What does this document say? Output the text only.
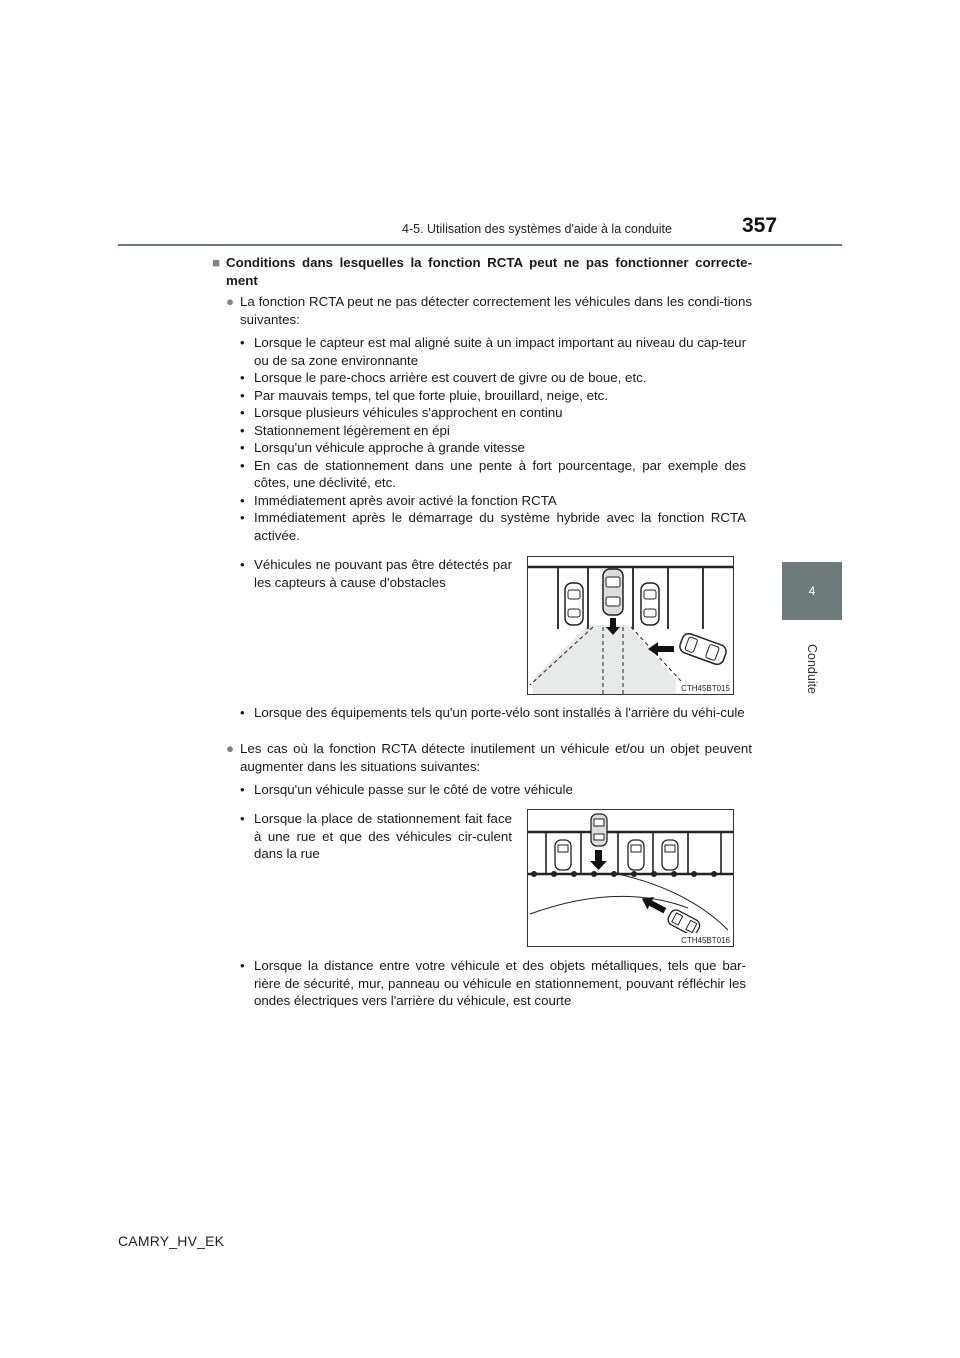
4-5. Utilisation des systèmes d'aide à la conduite	357
4
Conduite
■ Conditions dans lesquelles la fonction RCTA peut ne pas fonctionner correcte-ment
● La fonction RCTA peut ne pas détecter correctement les véhicules dans les condi-tions suivantes:
• Lorsque le capteur est mal aligné suite à un impact important au niveau du cap-teur ou de sa zone environnante
• Lorsque le pare-chocs arrière est couvert de givre ou de boue, etc.
• Par mauvais temps, tel que forte pluie, brouillard, neige, etc.
• Lorsque plusieurs véhicules s'approchent en continu
• Stationnement légèrement en épi
• Lorsqu'un véhicule approche à grande vitesse
• En cas de stationnement dans une pente à fort pourcentage, par exemple des côtes, une déclivité, etc.
• Immédiatement après avoir activé la fonction RCTA
• Immédiatement après le démarrage du système hybride avec la fonction RCTA activée.
• Véhicules ne pouvant pas être détectés par les capteurs à cause d'obstacles
CTH45BT015
• Lorsque des équipements tels qu'un porte-vélo sont installés à l'arrière du véhi-cule
● Les cas où la fonction RCTA détecte inutilement un véhicule et/ou un objet peuvent augmenter dans les situations suivantes:
• Lorsqu'un véhicule passe sur le côté de votre véhicule
• Lorsque la place de stationnement fait face à une rue et que des véhicules cir-culent dans la rue
CTH45BT016
• Lorsque la distance entre votre véhicule et des objets métalliques, tels que bar-rière de sécurité, mur, panneau ou véhicule en stationnement, pouvant réfléchir les ondes électriques vers l'arrière du véhicule, est courte
CAMRY_HV_EK
